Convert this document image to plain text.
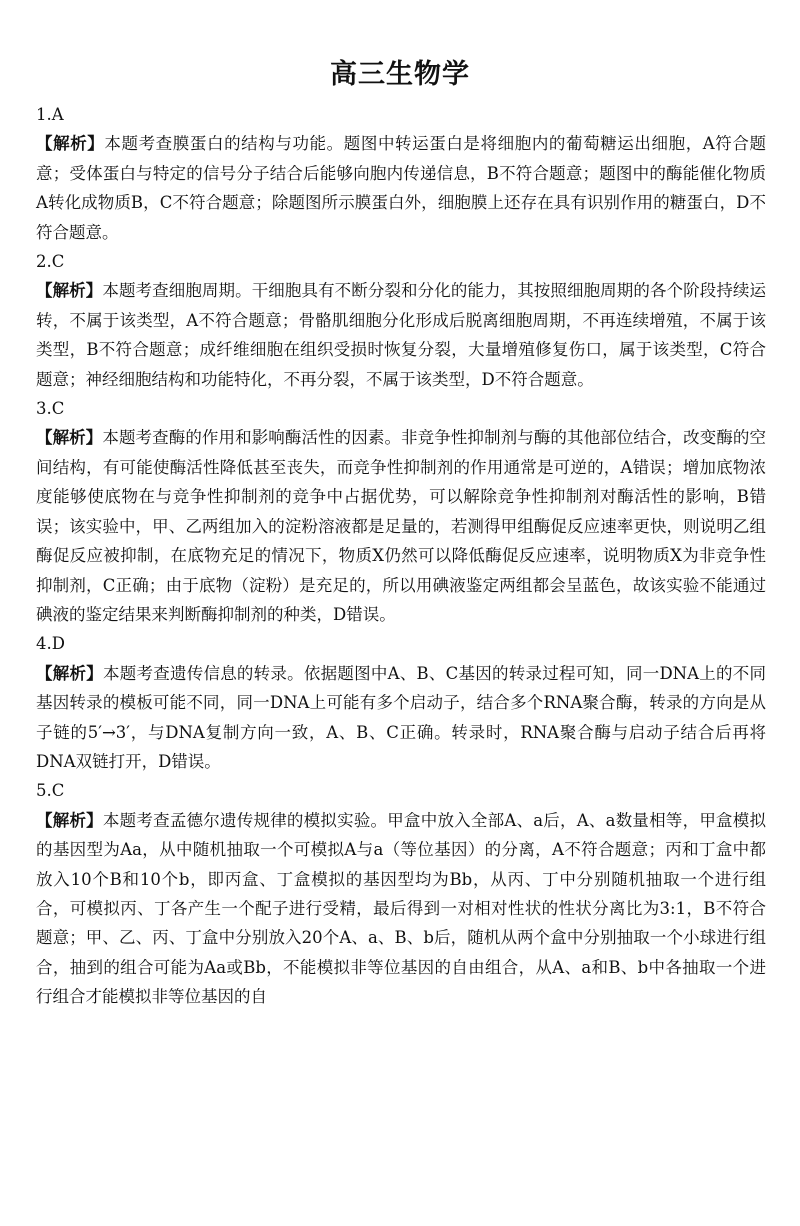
高三生物学

1.A

【解析】本题考查膜蛋白的结构与功能。题图中转运蛋白是将细胞内的葡萄糖运出细胞，A符合题意；受体蛋白与特定的信号分子结合后能够向胞内传递信息，B不符合题意；题图中的酶能催化物质A转化成物质B，C不符合题意；除题图所示膜蛋白外，细胞膜上还存在具有识别作用的糖蛋白，D不符合题意。

2.C

【解析】本题考查细胞周期。干细胞具有不断分裂和分化的能力，其按照细胞周期的各个阶段持续运转，不属于该类型，A不符合题意；骨骼肌细胞分化形成后脱离细胞周期，不再连续增殖，不属于该类型，B不符合题意；成纤维细胞在组织受损时恢复分裂，大量增殖修复伤口，属于该类型，C符合题意；神经细胞结构和功能特化，不再分裂，不属于该类型，D不符合题意。

3.C

【解析】本题考查酶的作用和影响酶活性的因素。非竞争性抑制剂与酶的其他部位结合，改变酶的空间结构，有可能使酶活性降低甚至丧失，而竞争性抑制剂的作用通常是可逆的，A错误；增加底物浓度能够使底物在与竞争性抑制剂的竞争中占据优势，可以解除竞争性抑制剂对酶活性的影响，B错误；该实验中，甲、乙两组加入的淀粉溶液都是足量的，若测得甲组酶促反应速率更快，则说明乙组酶促反应被抑制，在底物充足的情况下，物质X仍然可以降低酶促反应速率，说明物质X为非竞争性抑制剂，C正确；由于底物（淀粉）是充足的，所以用碘液鉴定两组都会呈蓝色，故该实验不能通过碘液的鉴定结果来判断酶抑制剂的种类，D错误。

4.D

【解析】本题考查遗传信息的转录。依据题图中A、B、C基因的转录过程可知，同一DNA上的不同基因转录的模板可能不同，同一DNA上可能有多个启动子，结合多个RNA聚合酶，转录的方向是从子链的5′→3′，与DNA复制方向一致，A、B、C正确。转录时，RNA聚合酶与启动子结合后再将DNA双链打开，D错误。

5.C

【解析】本题考查孟德尔遗传规律的模拟实验。甲盒中放入全部A、a后，A、a数量相等，甲盒模拟的基因型为Aa，从中随机抽取一个可模拟A与a（等位基因）的分离，A不符合题意；丙和丁盒中都放入10个B和10个b，即丙盒、丁盒模拟的基因型均为Bb，从丙、丁中分别随机抽取一个进行组合，可模拟丙、丁各产生一个配子进行受精，最后得到一对相对性状的性状分离比为3:1，B不符合题意；甲、乙、丙、丁盒中分别放入20个A、a、B、b后，随机从两个盒中分别抽取一个小球进行组合，抽到的组合可能为Aa或Bb，不能模拟非等位基因的自由组合，从A、a和B、b中各抽取一个进行组合才能模拟非等位基因的自
